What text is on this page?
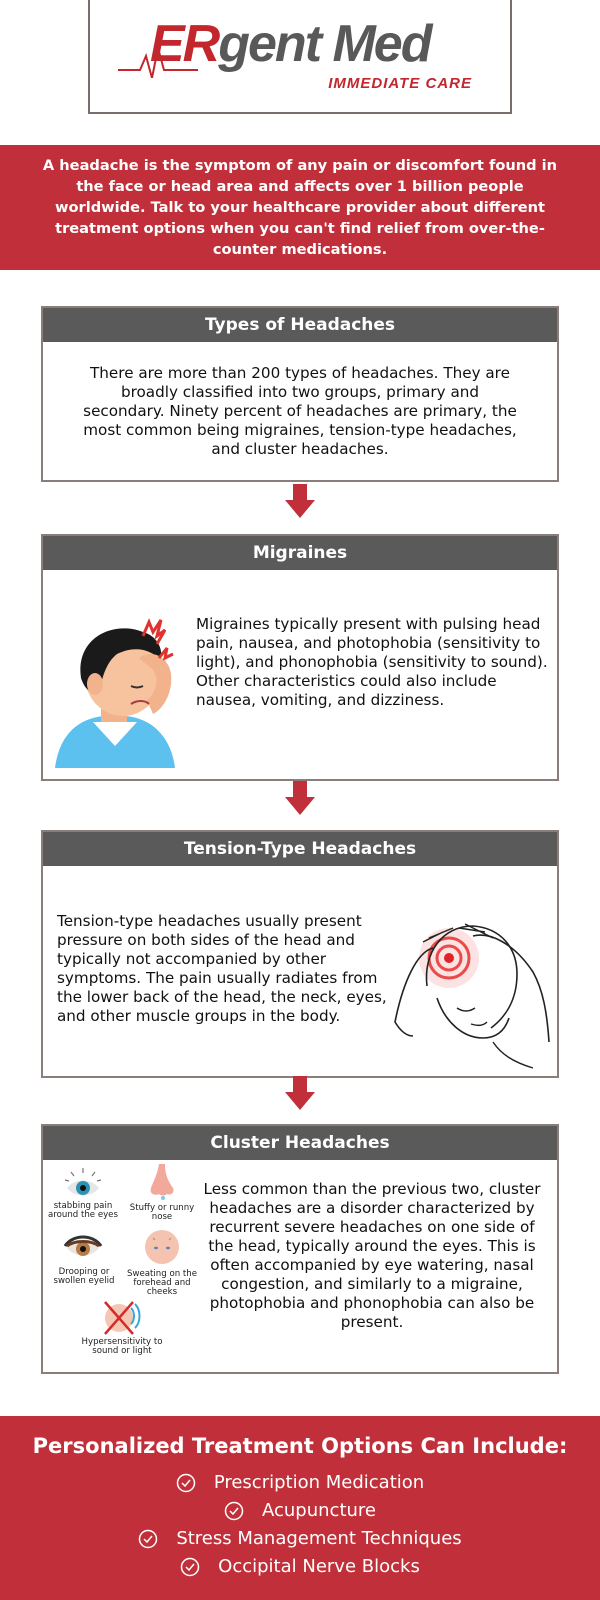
ERgent Med
IMMEDIATE CARE

A headache is the symptom of any pain or discomfort found in the face or head area and affects over 1 billion people worldwide. Talk to your healthcare provider about different treatment options when you can't find relief from over-the-counter medications.

Types of Headaches

There are more than 200 types of headaches. They are broadly classified into two groups, primary and secondary. Ninety percent of headaches are primary, the most common being migraines, tension-type headaches, and cluster headaches.

Migraines

Migraines typically present with pulsing head pain, nausea, and photophobia (sensitivity to light), and phonophobia (sensitivity to sound). Other characteristics could also include nausea, vomiting, and dizziness.

Tension-Type Headaches

Tension-type headaches usually present pressure on both sides of the head and typically not accompanied by other symptoms. The pain usually radiates from the lower back of the head, the neck, eyes, and other muscle groups in the body.

Cluster Headaches
stabbing pain around the eyes
Stuffy or runny nose
Drooping or swollen eyelid
Sweating on the forehead and cheeks
Hypersensitivity to sound or light

Less common than the previous two, cluster headaches are a disorder characterized by recurrent severe headaches on one side of the head, typically around the eyes. This is often accompanied by eye watering, nasal congestion, and similarly to a migraine, photophobia and phonophobia can also be present.

Personalized Treatment Options Can Include:
Prescription Medication
Acupuncture
Stress Management Techniques
Occipital Nerve Blocks
